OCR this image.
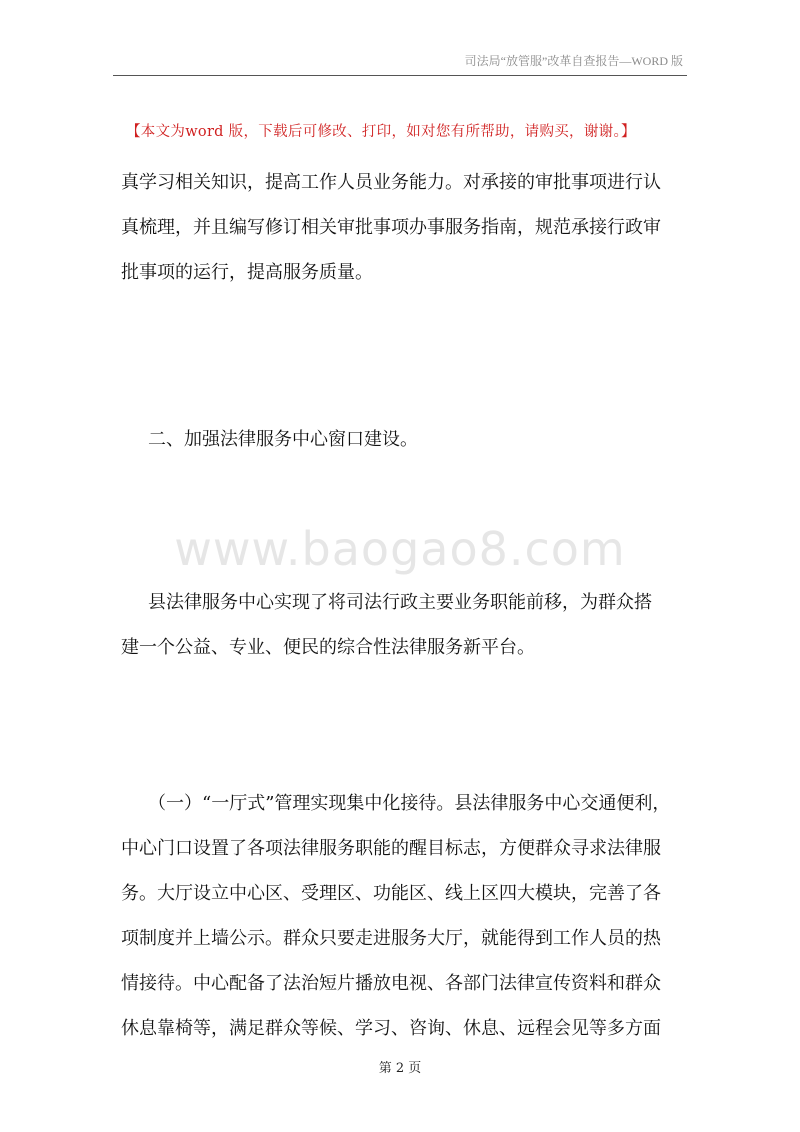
司法局“放管服”改革自查报告—WORD 版
【本文为word 版，下载后可修改、打印，如对您有所帮助，请购买，谢谢。】
真学习相关知识，提高工作人员业务能力。对承接的审批事项进行认
真梳理，并且编写修订相关审批事项办事服务指南，规范承接行政审
批事项的运行，提高服务质量。
二、加强法律服务中心窗口建设。
www.baogao8.com
县法律服务中心实现了将司法行政主要业务职能前移，为群众搭
建一个公益、专业、便民的综合性法律服务新平台。
（一）“一厅式”管理实现集中化接待。县法律服务中心交通便利，
中心门口设置了各项法律服务职能的醒目标志，方便群众寻求法律服
务。大厅设立中心区、受理区、功能区、线上区四大模块，完善了各
项制度并上墙公示。群众只要走进服务大厅，就能得到工作人员的热
情接待。中心配备了法治短片播放电视、各部门法律宣传资料和群众
休息靠椅等，满足群众等候、学习、咨询、休息、远程会见等多方面
第 2 页
